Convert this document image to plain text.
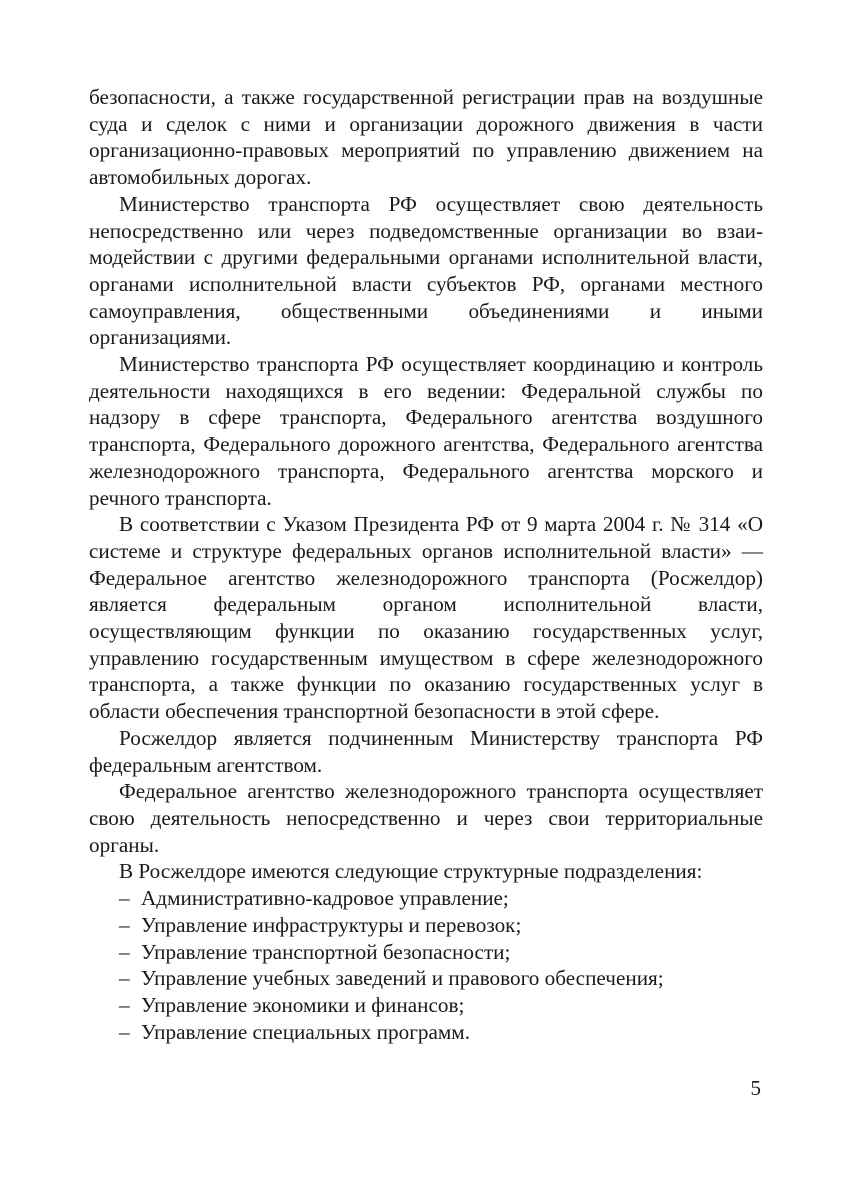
безопасности, а также государственной регистрации прав на воздушные суда и сделок с ними и организации дорожного движения в части организационно-правовых мероприятий по управлению движением на автомобильных дорогах.

Министерство транспорта РФ осуществляет свою деятельность непосредственно или через подведомственные организации во взаимодействии с другими федеральными органами исполнительной власти, органами исполнительной власти субъектов РФ, органами местного самоуправления, общественными объединениями и иными организациями.

Министерство транспорта РФ осуществляет координацию и контроль деятельности находящихся в его ведении: Федеральной службы по надзору в сфере транспорта, Федерального агентства воздушного транспорта, Федерального дорожного агентства, Федерального агентства железнодорожного транспорта, Федерального агентства морского и речного транспорта.

В соответствии с Указом Президента РФ от 9 марта 2004 г. № 314 «О системе и структуре федеральных органов исполнительной власти» — Федеральное агентство железнодорожного транспорта (Росжелдор) является федеральным органом исполнительной власти, осуществляющим функции по оказанию государственных услуг, управлению государственным имуществом в сфере железнодорожного транспорта, а также функции по оказанию государственных услуг в области обеспечения транспортной безопасности в этой сфере.

Росжелдор является подчиненным Министерству транспорта РФ федеральным агентством.

Федеральное агентство железнодорожного транспорта осуществляет свою деятельность непосредственно и через свои территориальные органы.

В Росжелдоре имеются следующие структурные подразделения:

– Административно-кадровое управление;
– Управление инфраструктуры и перевозок;
– Управление транспортной безопасности;
– Управление учебных заведений и правового обеспечения;
– Управление экономики и финансов;
– Управление специальных программ.
5
